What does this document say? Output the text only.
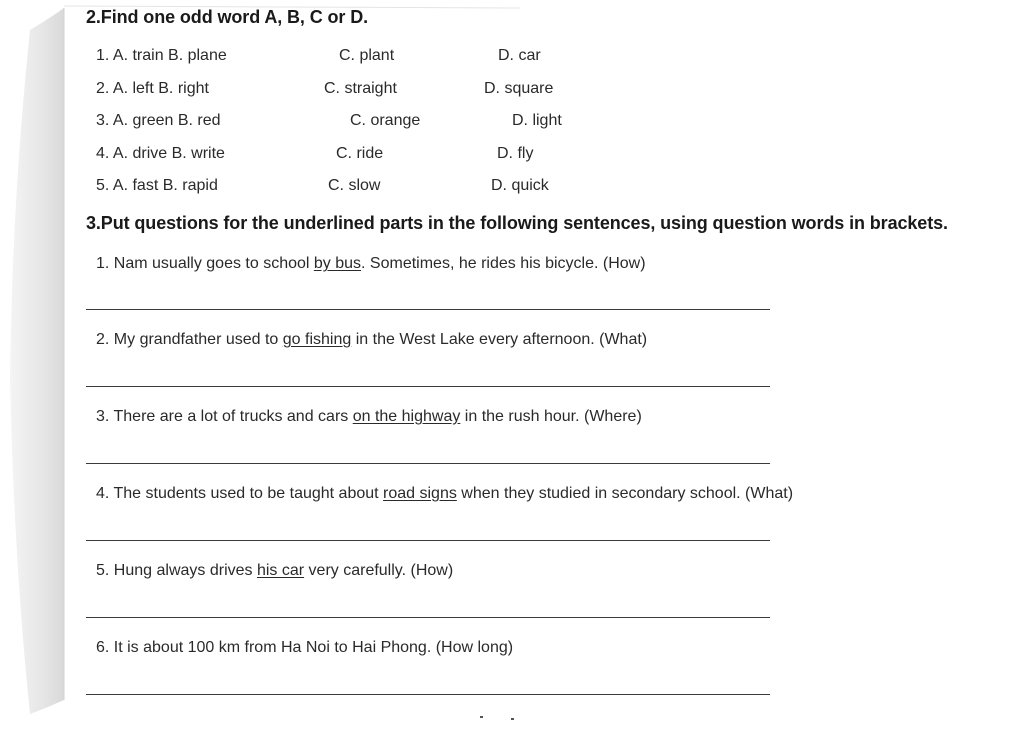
2.Find one odd word A, B, C or D.
1. A. train B. plane	C. plant	D. car
2. A. left B. right	C. straight	D. square
3. A. green B. red	C. orange	D. light
4. A. drive B. write	C. ride	D. fly
5. A. fast B. rapid	C. slow	D. quick
3.Put questions for the underlined parts in the following sentences, using question words in brackets.
1. Nam usually goes to school by bus. Sometimes, he rides his bicycle. (How)
2. My grandfather used to go fishing in the West Lake every afternoon. (What)
3. There are a lot of trucks and cars on the highway in the rush hour. (Where)
4. The students used to be taught about road signs when they studied in secondary school. (What)
5. Hung always drives his car very carefully. (How)
6. It is about 100 km from Ha Noi to Hai Phong. (How long)
